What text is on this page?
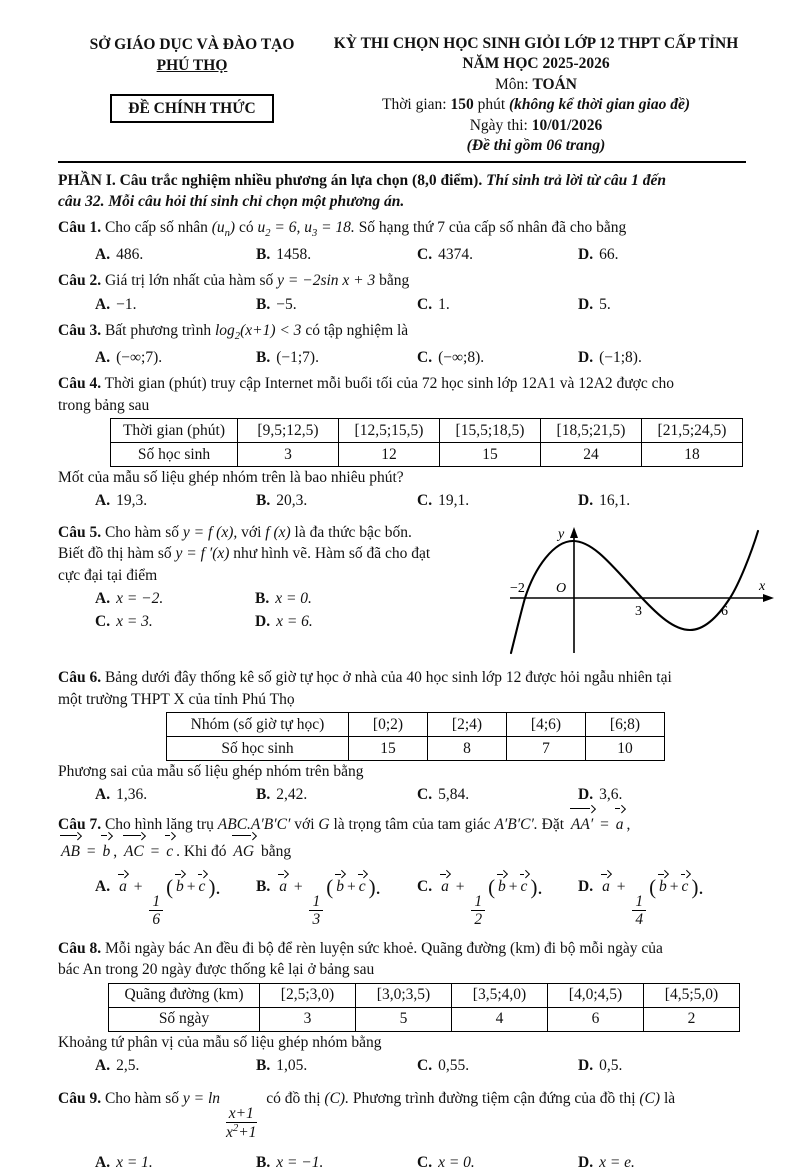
SỞ GIÁO DỤC VÀ ĐÀO TẠO
PHÚ THỌ
ĐỀ CHÍNH THỨC
KỲ THI CHỌN HỌC SINH GIỎI LỚP 12 THPT CẤP TỈNH
NĂM HỌC 2025-2026
Môn: TOÁN
Thời gian: 150 phút (không kể thời gian giao đề)
Ngày thi: 10/01/2026
(Đề thi gồm 06 trang)
PHẦN I. Câu trắc nghiệm nhiều phương án lựa chọn (8,0 điểm). Thí sinh trả lời từ câu 1 đến
câu 32. Mỗi câu hỏi thí sinh chỉ chọn một phương án.
Câu 1. Cho cấp số nhân $(u_n)$ có $u_2 = 6$, $u_3 = 18$. Số hạng thứ 7 của cấp số nhân đã cho bằng
A. 486.	B. 1458.	C. 4374.	D. 66.
Câu 2. Giá trị lớn nhất của hàm số y = −2sin x + 3 bằng
A. −1.	B. −5.	C. 1.	D. 5.
Câu 3. Bất phương trình $\log_2(x+1) < 3$ có tập nghiệm là
A. (−∞;7).	B. (−1;7).	C. (−∞;8).	D. (−1;8).
Câu 4. Thời gian (phút) truy cập Internet mỗi buổi tối của 72 học sinh lớp 12A1 và 12A2 được cho
trong bảng sau
Thời gian (phút)	[9,5;12,5)	[12,5;15,5)	[15,5;18,5)	[18,5;21,5)	[21,5;24,5)
Số học sinh	3	12	15	24	18
Mốt của mẫu số liệu ghép nhóm trên là bao nhiêu phút?
A. 19,3.	B. 20,3.	C. 19,1.	D. 16,1.
Câu 5. Cho hàm số y = f (x), với f (x) là đa thức bậc bốn.
Biết đồ thị hàm số y = f ′(x) như hình vẽ. Hàm số đã cho đạt
cực đại tại điểm
A. x = −2.	B. x = 0.
C. x = 3.	D. x = 6.
y
x
O
−2
3	6
Câu 6. Bảng dưới đây thống kê số giờ tự học ở nhà của 40 học sinh lớp 12 được hỏi ngẫu nhiên tại
một trường THPT X của tỉnh Phú Thọ
Nhóm (số giờ tự học)	[0;2)	[2;4)	[4;6)	[6;8)
Số học sinh	15	8	7	10
Phương sai của mẫu số liệu ghép nhóm trên bằng
A. 1,36.	B. 2,42.	C. 5,84.	D. 3,6.
Câu 7. Cho hình lăng trụ ABC.A′B′C′ với G là trọng tâm của tam giác A′B′C′. Đặt AA′ = a ,
AB = b , AC = c . Khi đó AG bằng
A. a +
$\frac{1}{6}$
( b + c ).	B. a +
$\frac{1}{3}$
( b + c ).	C. a +
$\frac{1}{2}$
( b + c ).	D. a +
$\frac{1}{4}$
( b + c ).
Câu 8. Mỗi ngày bác An đều đi bộ để rèn luyện sức khoẻ. Quãng đường (km) đi bộ mỗi ngày của
bác An trong 20 ngày được thống kê lại ở bảng sau
Quãng đường (km)	[2,5;3,0)	[3,0;3,5)	[3,5;4,0)	[4,0;4,5)	[4,5;5,0)
Số ngày	3	5	4	6	2
Khoảng tứ phân vị của mẫu số liệu ghép nhóm bằng
A. 2,5.	B. 1,05.	C. 0,55.	D. 0,5.
Câu 9. Cho hàm số y = ln
$\frac{x+1}{x^2+1}$
có đồ thị (C). Phương trình đường tiệm cận đứng của đồ thị (C) là
A. x = 1.	B. x = −1.	C. x = 0.	D. x = e.
